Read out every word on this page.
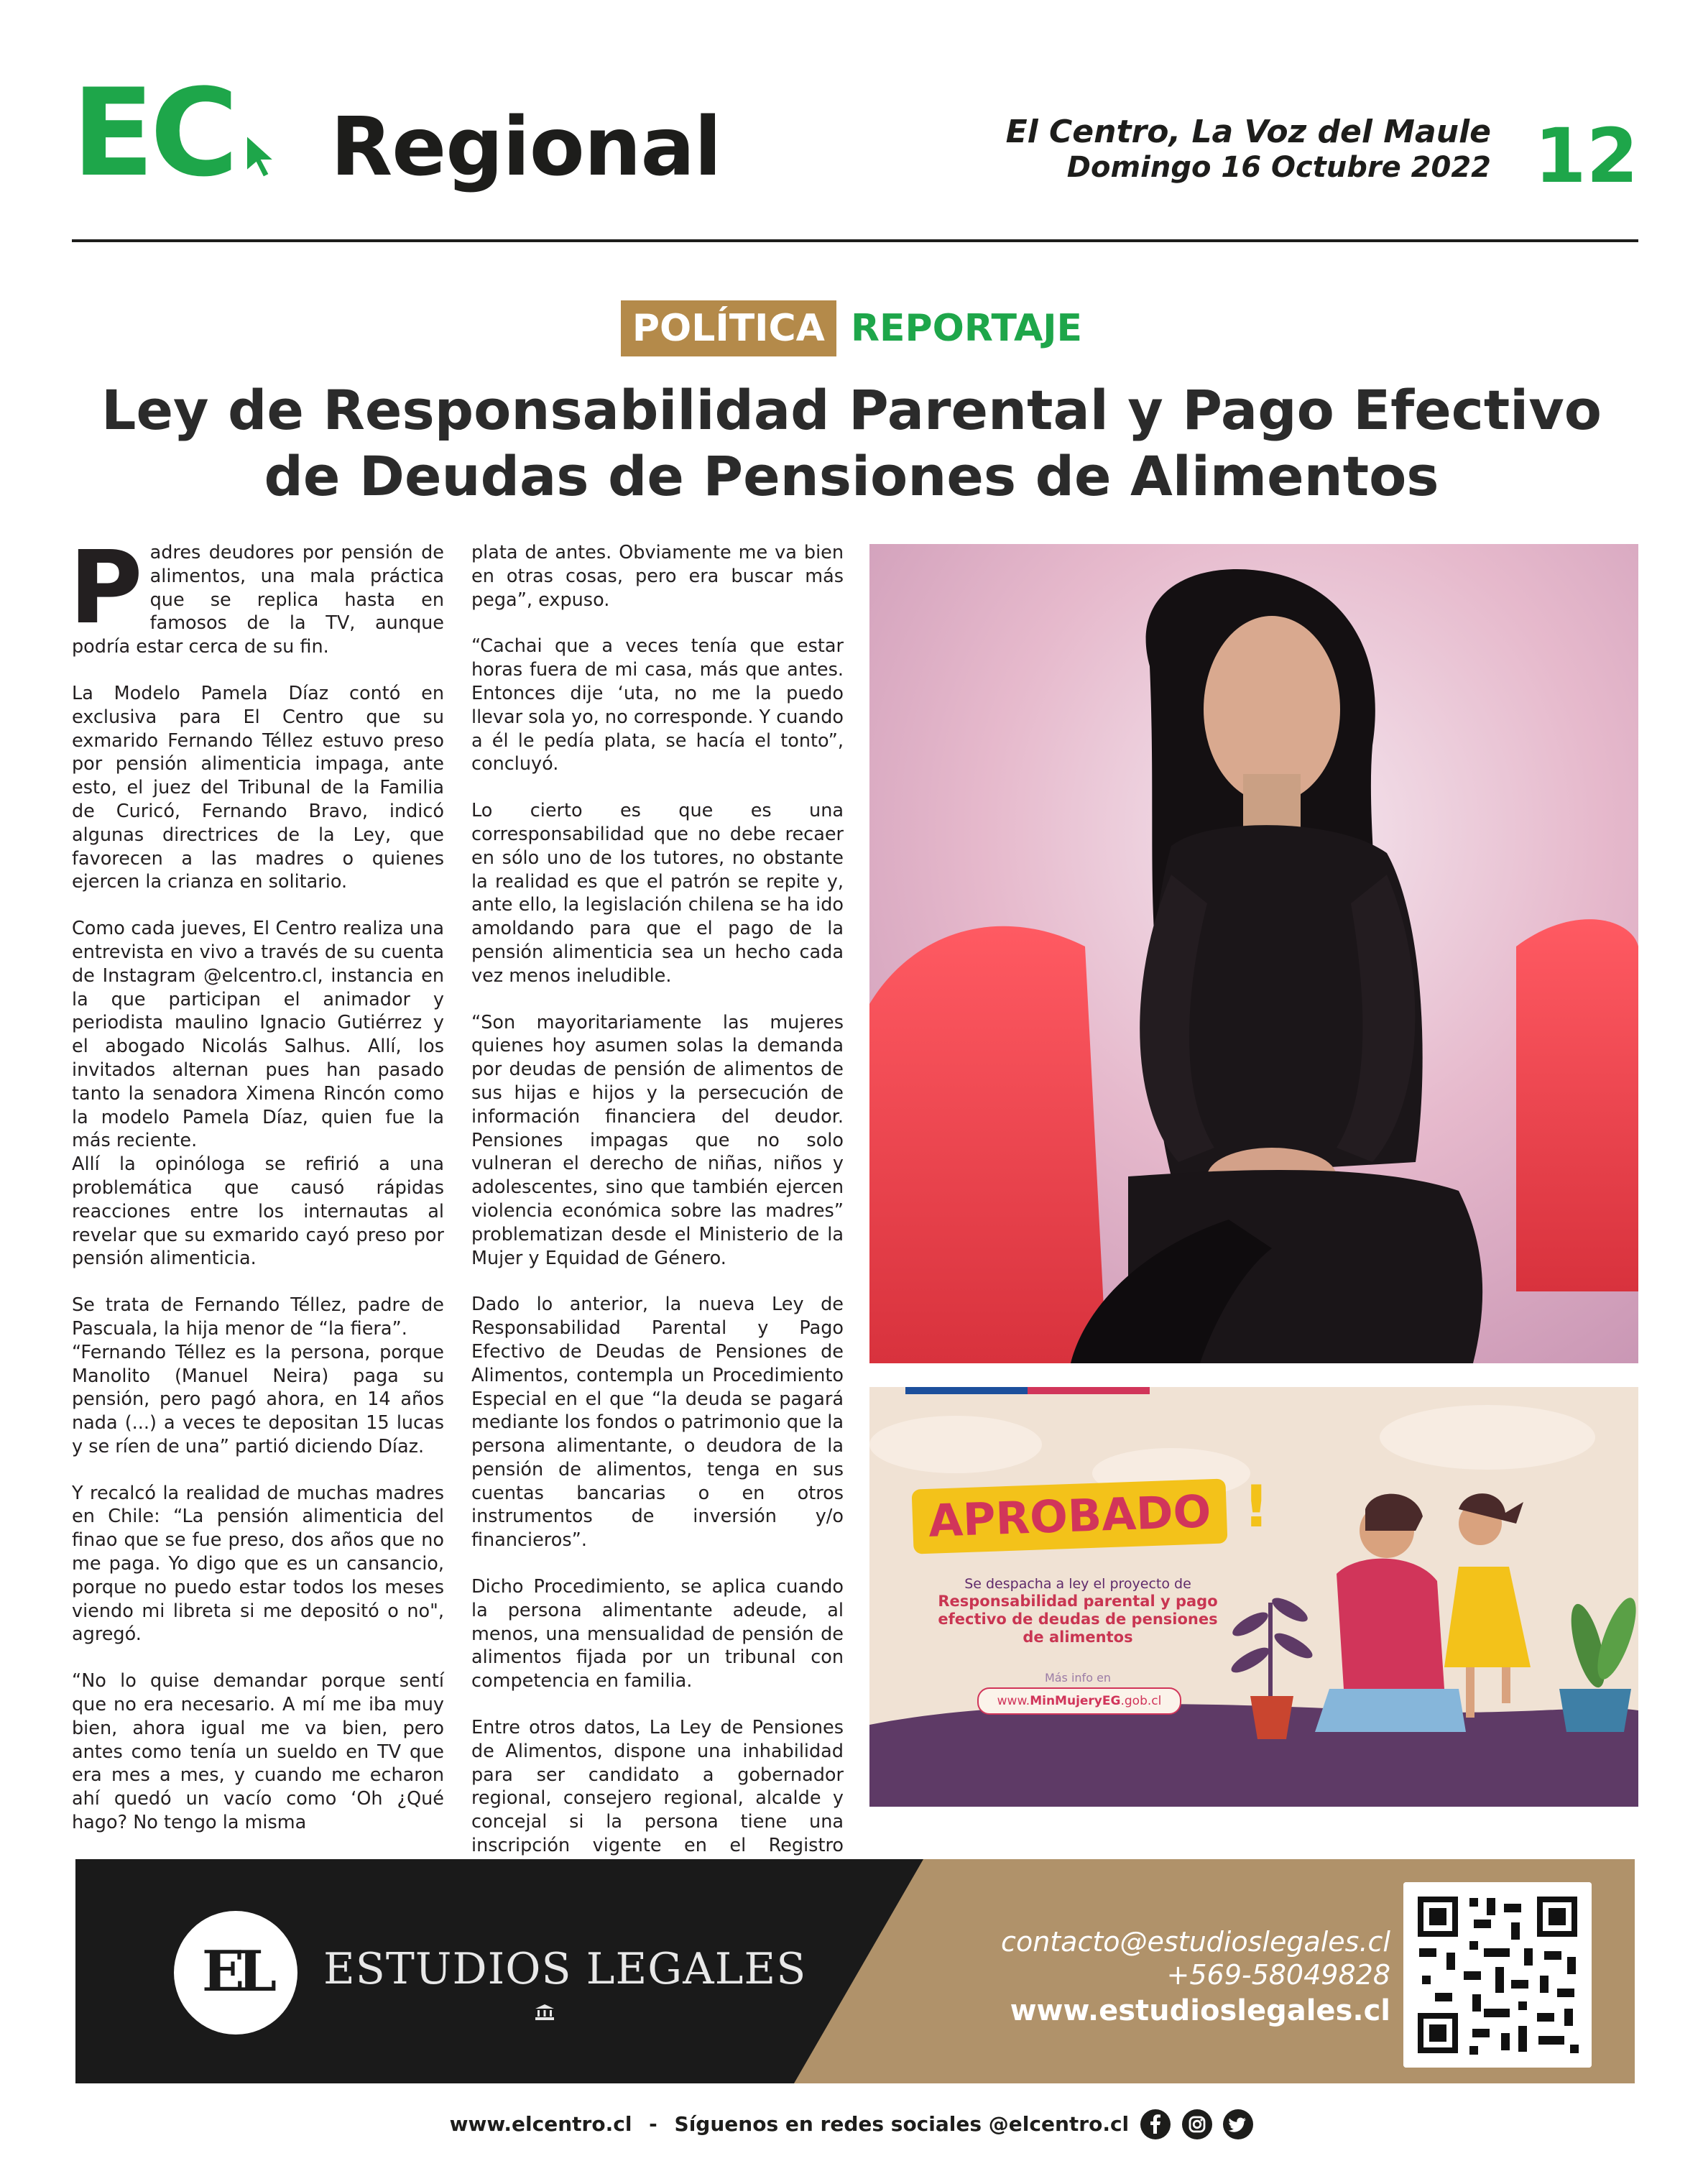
EC Regional	El Centro, La Voz del Maule
Domingo 16 Octubre 2022 12
POLÍTICA REPORTAJE
Ley de Responsabilidad Parental y Pago Efectivo de Deudas de Pensiones de Alimentos

Padres deudores por pensión de alimentos, una mala práctica que se replica hasta en famosos de la TV, aunque podría estar cerca de su fin.

La Modelo Pamela Díaz contó en exclusiva para El Centro que su exmarido Fernando Téllez estuvo preso por pensión alimenticia impaga, ante esto, el juez del Tribunal de la Familia de Curicó, Fernando Bravo, indicó algunas directrices de la Ley, que favorecen a las madres o quienes ejercen la crianza en solitario.

Como cada jueves, El Centro realiza una entrevista en vivo a través de su cuenta de Instagram @elcentro.cl, instancia en la que participan el animador y periodista maulino Ignacio Gutiérrez y el abogado Nicolás Salhus. Allí, los invitados alternan pues han pasado tanto la senadora Ximena Rincón como la modelo Pamela Díaz, quien fue la más reciente.

Allí la opinóloga se refirió a una problemática que causó rápidas reacciones entre los internautas al revelar que su exmarido cayó preso por pensión alimenticia.

Se trata de Fernando Téllez, padre de Pascuala, la hija menor de “la fiera”.

“Fernando Téllez es la persona, porque Manolito (Manuel Neira) paga su pensión, pero pagó ahora, en 14 años nada (...) a veces te depositan 15 lucas y se ríen de una” partió diciendo Díaz.

Y recalcó la realidad de muchas madres en Chile: “La pensión alimenticia del finao que se fue preso, dos años que no me paga. Yo digo que es un cansancio, porque no puedo estar todos los meses viendo mi libreta si me depositó o no", agregó.

“No lo quise demandar porque sentí que no era necesario. A mí me iba muy bien, ahora igual me va bien, pero antes como tenía un sueldo en TV que era mes a mes, y cuando me echaron ahí quedó un vacío como ‘Oh ¿Qué hago? No tengo la misma

plata de antes. Obviamente me va bien en otras cosas, pero era buscar más pega”, expuso.

“Cachai que a veces tenía que estar horas fuera de mi casa, más que antes. Entonces dije ‘uta, no me la puedo llevar sola yo, no corresponde. Y cuando a él le pedía plata, se hacía el tonto”, concluyó.

Lo cierto es que es una corresponsabilidad que no debe recaer en sólo uno de los tutores, no obstante la realidad es que el patrón se repite y, ante ello, la legislación chilena se ha ido amoldando para que el pago de la pensión alimenticia sea un hecho cada vez menos ineludible.

“Son mayoritariamente las mujeres quienes hoy asumen solas la demanda por deudas de pensión de alimentos de sus hijas e hijos y la persecución de información financiera del deudor. Pensiones impagas que no solo vulneran el derecho de niñas, niños y adolescentes, sino que también ejercen violencia económica sobre las madres” problematizan desde el Ministerio de la Mujer y Equidad de Género.

Dado lo anterior, la nueva Ley de Responsabilidad Parental y Pago Efectivo de Deudas de Pensiones de Alimentos, contempla un Procedimiento Especial en el que “la deuda se pagará mediante los fondos o patrimonio que la persona alimentante, o deudora de la pensión de alimentos, tenga en sus cuentas bancarias o en otros instrumentos de inversión y/o financieros”.

Dicho Procedimiento, se aplica cuando la persona alimentante adeude, al menos, una mensualidad de pensión de alimentos fijada por un tribunal con competencia en familia.

Entre otros datos, La Ley de Pensiones de Alimentos, dispone una inhabilidad para ser candidato a gobernador regional, consejero regional, alcalde y concejal si la persona tiene una inscripción vigente en el Registro

APROBADO !
Se despacha a ley el proyecto de
Responsabilidad parental y pago efectivo de deudas de pensiones de alimentos
Más info en
www.MinMujeryEG.gob.cl
EL	ESTUDIOS LEGALES
contacto@estudioslegales.cl
+569-58049828
www.estudioslegales.cl
www.elcentro.cl - Síguenos en redes sociales @elcentro.cl
